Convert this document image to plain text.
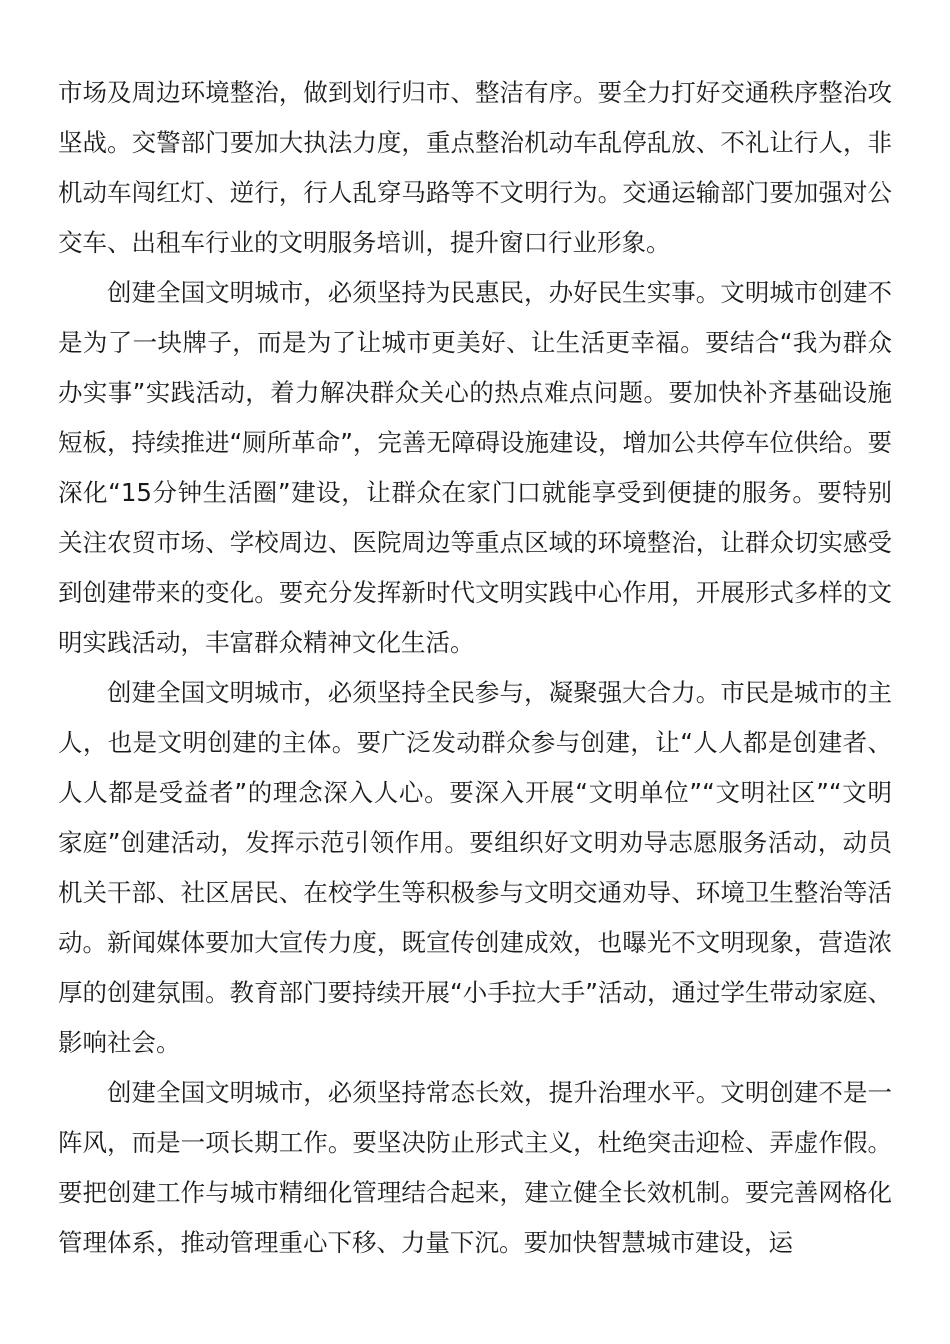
市场及周边环境整治，做到划行归市、整洁有序。要全力打好交通秩序整治攻坚战。交警部门要加大执法力度，重点整治机动车乱停乱放、不礼让行人，非机动车闯红灯、逆行，行人乱穿马路等不文明行为。交通运输部门要加强对公交车、出租车行业的文明服务培训，提升窗口行业形象。

创建全国文明城市，必须坚持为民惠民，办好民生实事。文明城市创建不是为了一块牌子，而是为了让城市更美好、让生活更幸福。要结合“我为群众办实事”实践活动，着力解决群众关心的热点难点问题。要加快补齐基础设施短板，持续推进“厕所革命”，完善无障碍设施建设，增加公共停车位供给。要深化“15分钟生活圈”建设，让群众在家门口就能享受到便捷的服务。要特别关注农贸市场、学校周边、医院周边等重点区域的环境整治，让群众切实感受到创建带来的变化。要充分发挥新时代文明实践中心作用，开展形式多样的文明实践活动，丰富群众精神文化生活。

创建全国文明城市，必须坚持全民参与，凝聚强大合力。市民是城市的主人，也是文明创建的主体。要广泛发动群众参与创建，让“人人都是创建者、人人都是受益者”的理念深入人心。要深入开展“文明单位”“文明社区”“文明家庭”创建活动，发挥示范引领作用。要组织好文明劝导志愿服务活动，动员机关干部、社区居民、在校学生等积极参与文明交通劝导、环境卫生整治等活动。新闻媒体要加大宣传力度，既宣传创建成效，也曝光不文明现象，营造浓厚的创建氛围。教育部门要持续开展“小手拉大手”活动，通过学生带动家庭、影响社会。

创建全国文明城市，必须坚持常态长效，提升治理水平。文明创建不是一阵风，而是一项长期工作。要坚决防止形式主义，杜绝突击迎检、弄虚作假。要把创建工作与城市精细化管理结合起来，建立健全长效机制。要完善网格化管理体系，推动管理重心下移、力量下沉。要加快智慧城市建设，运
